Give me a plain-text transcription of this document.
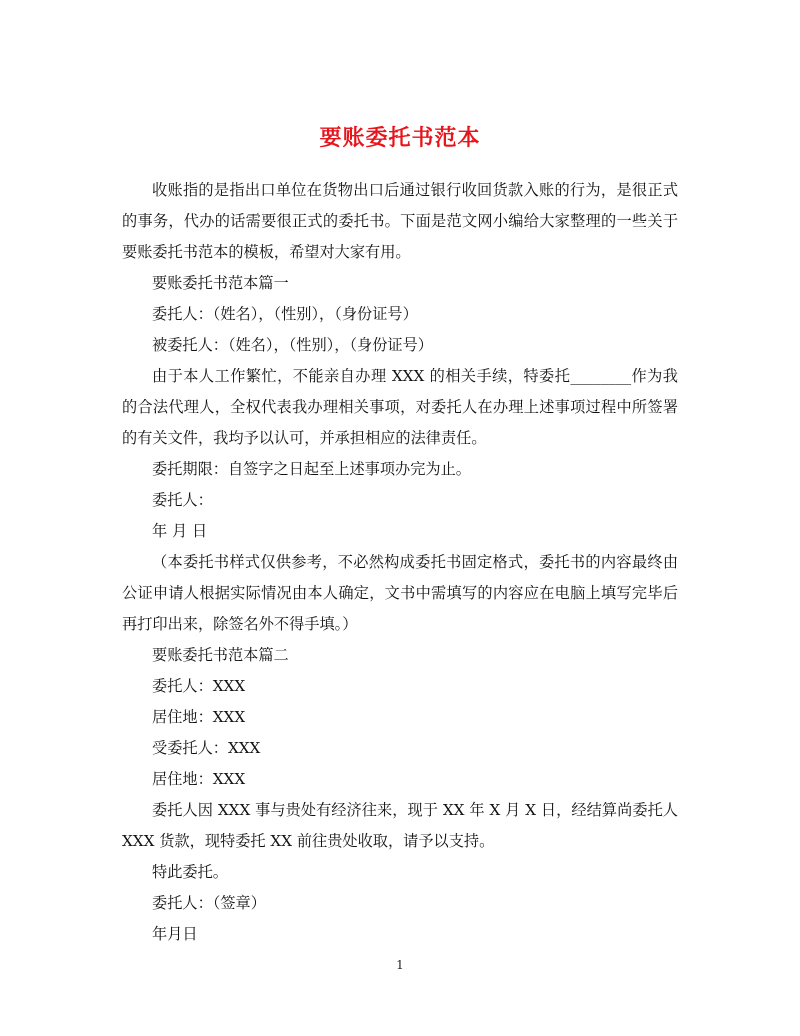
要账委托书范本

收账指的是指出口单位在货物出口后通过银行收回货款入账的行为，是很正式的事务，代办的话需要很正式的委托书。下面是范文网小编给大家整理的一些关于要账委托书范本的模板，希望对大家有用。

要账委托书范本篇一

委托人：（姓名），（性别），（身份证号）

被委托人：（姓名），（性别），（身份证号）

由于本人工作繁忙，不能亲自办理 XXX 的相关手续，特委托________作为我的合法代理人，全权代表我办理相关事项，对委托人在办理上述事项过程中所签署的有关文件，我均予以认可，并承担相应的法律责任。

委托期限：自签字之日起至上述事项办完为止。

委托人：

年 月 日

（本委托书样式仅供参考，不必然构成委托书固定格式，委托书的内容最终由公证申请人根据实际情况由本人确定，文书中需填写的内容应在电脑上填写完毕后再打印出来，除签名外不得手填。）

要账委托书范本篇二

委托人：XXX

居住地：XXX

受委托人：XXX

居住地：XXX

委托人因 XXX 事与贵处有经济往来，现于 XX 年 X 月 X 日，经结算尚委托人 XXX 货款，现特委托 XX 前往贵处收取，请予以支持。

特此委托。

委托人：（签章）

年月日

1
